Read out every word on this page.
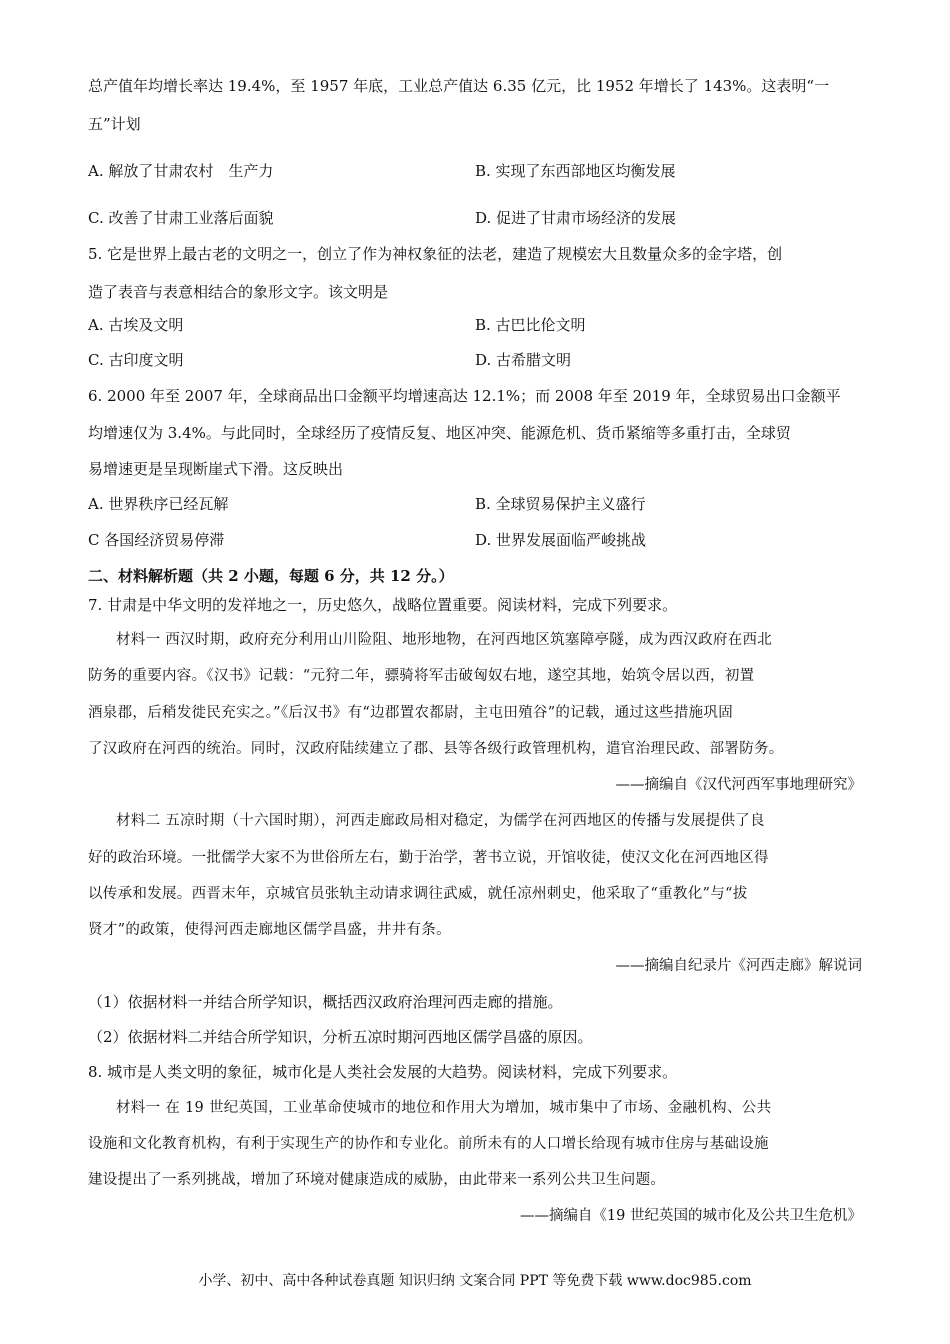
总产值年均增长率达 19.4%，至 1957 年底，工业总产值达 6.35 亿元，比 1952 年增长了 143%。这表明“一
五”计划
A. 解放了甘肃农村　生产力	B. 实现了东西部地区均衡发展
C. 改善了甘肃工业落后面貌	D. 促进了甘肃市场经济的发展
5. 它是世界上最古老的文明之一，创立了作为神权象征的法老，建造了规模宏大且数量众多的金字塔，创
造了表音与表意相结合的象形文字。该文明是
A. 古埃及文明	B. 古巴比伦文明
C. 古印度文明	D. 古希腊文明
6. 2000 年至 2007 年，全球商品出口金额平均增速高达 12.1%；而 2008 年至 2019 年，全球贸易出口金额平
均增速仅为 3.4%。与此同时，全球经历了疫情反复、地区冲突、能源危机、货币紧缩等多重打击，全球贸
易增速更是呈现断崖式下滑。这反映出
A. 世界秩序已经瓦解	B. 全球贸易保护主义盛行
C 各国经济贸易停滞	D. 世界发展面临严峻挑战
二、材料解析题（共 2 小题，每题 6 分，共 12 分。）
7. 甘肃是中华文明的发祥地之一，历史悠久，战略位置重要。阅读材料，完成下列要求。
材料一 西汉时期，政府充分利用山川险阻、地形地物，在河西地区筑塞障亭隧，成为西汉政府在西北
防务的重要内容。《汉书》记载：“元狩二年，骠骑将军击破匈奴右地，遂空其地，始筑令居以西，初置
酒泉郡，后稍发徙民充实之。”《后汉书》有“边郡置农都尉，主屯田殖谷”的记载，通过这些措施巩固
了汉政府在河西的统治。同时，汉政府陆续建立了郡、县等各级行政管理机构，遣官治理民政、部署防务。
——摘编自《汉代河西军事地理研究》
材料二 五凉时期（十六国时期），河西走廊政局相对稳定，为儒学在河西地区的传播与发展提供了良
好的政治环境。一批儒学大家不为世俗所左右，勤于治学，著书立说，开馆收徒，使汉文化在河西地区得
以传承和发展。西晋末年，京城官员张轨主动请求调往武威，就任凉州刺史，他采取了“重教化”与“拔
贤才”的政策，使得河西走廊地区儒学昌盛，井井有条。
——摘编自纪录片《河西走廊》解说词
（1）依据材料一并结合所学知识，概括西汉政府治理河西走廊的措施。
（2）依据材料二并结合所学知识，分析五凉时期河西地区儒学昌盛的原因。
8. 城市是人类文明的象征，城市化是人类社会发展的大趋势。阅读材料，完成下列要求。
材料一 在 19 世纪英国，工业革命使城市的地位和作用大为增加，城市集中了市场、金融机构、公共
设施和文化教育机构，有利于实现生产的协作和专业化。前所未有的人口增长给现有城市住房与基础设施
建设提出了一系列挑战，增加了环境对健康造成的威胁，由此带来一系列公共卫生问题。
——摘编自《19 世纪英国的城市化及公共卫生危机》
小学、初中、高中各种试卷真题 知识归纳 文案合同 PPT 等免费下载 www.doc985.com
